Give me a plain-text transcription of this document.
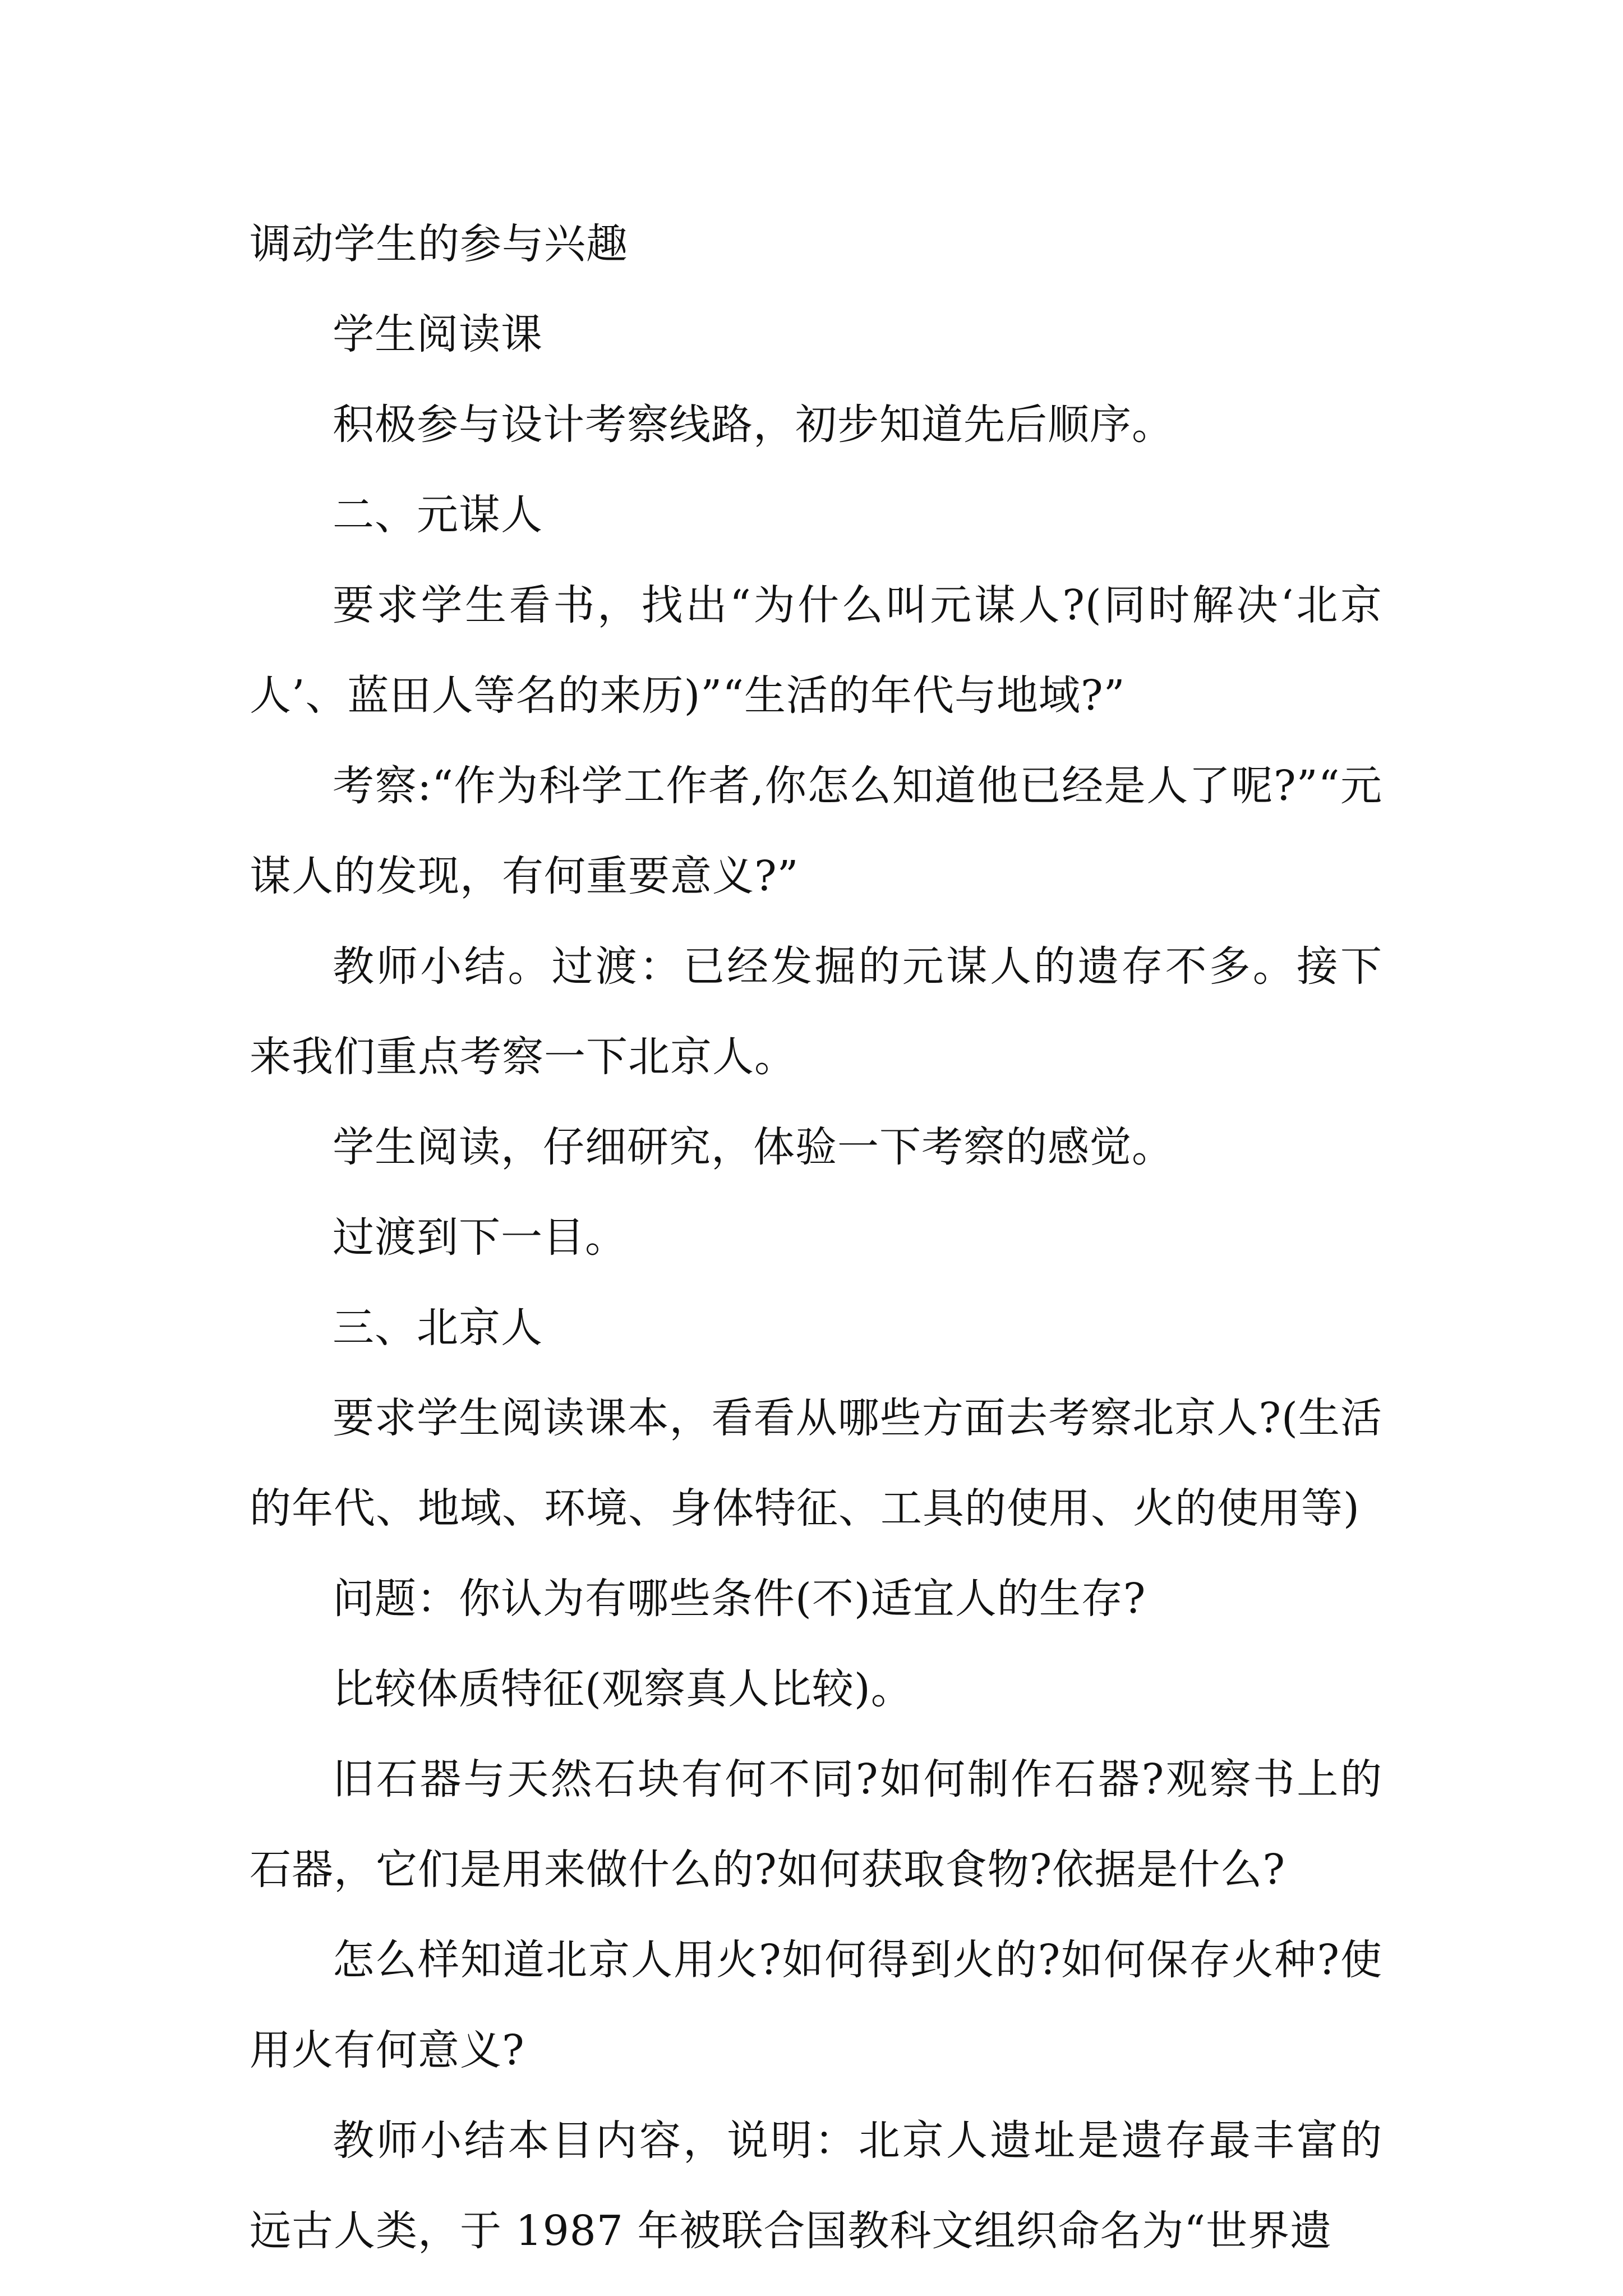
调动学生的参与兴趣

学生阅读课

积极参与设计考察线路，初步知道先后顺序。

二、元谋人

要求学生看书，找出“为什么叫元谋人?(同时解决‘北京人’、蓝田人等名的来历)”“生活的年代与地域?”

考察:“作为科学工作者,你怎么知道他已经是人了呢?”“元谋人的发现，有何重要意义?”

教师小结。过渡：已经发掘的元谋人的遗存不多。接下来我们重点考察一下北京人。

学生阅读，仔细研究，体验一下考察的感觉。

过渡到下一目。

三、北京人

要求学生阅读课本，看看从哪些方面去考察北京人?(生活的年代、地域、环境、身体特征、工具的使用、火的使用等)

问题：你认为有哪些条件(不)适宜人的生存?

比较体质特征(观察真人比较)。

旧石器与天然石块有何不同?如何制作石器?观察书上的石器，它们是用来做什么的?如何获取食物?依据是什么?

怎么样知道北京人用火?如何得到火的?如何保存火种?使用火有何意义?

教师小结本目内容，说明：北京人遗址是遗存最丰富的远古人类，于 1987 年被联合国教科文组织命名为“世界遗
